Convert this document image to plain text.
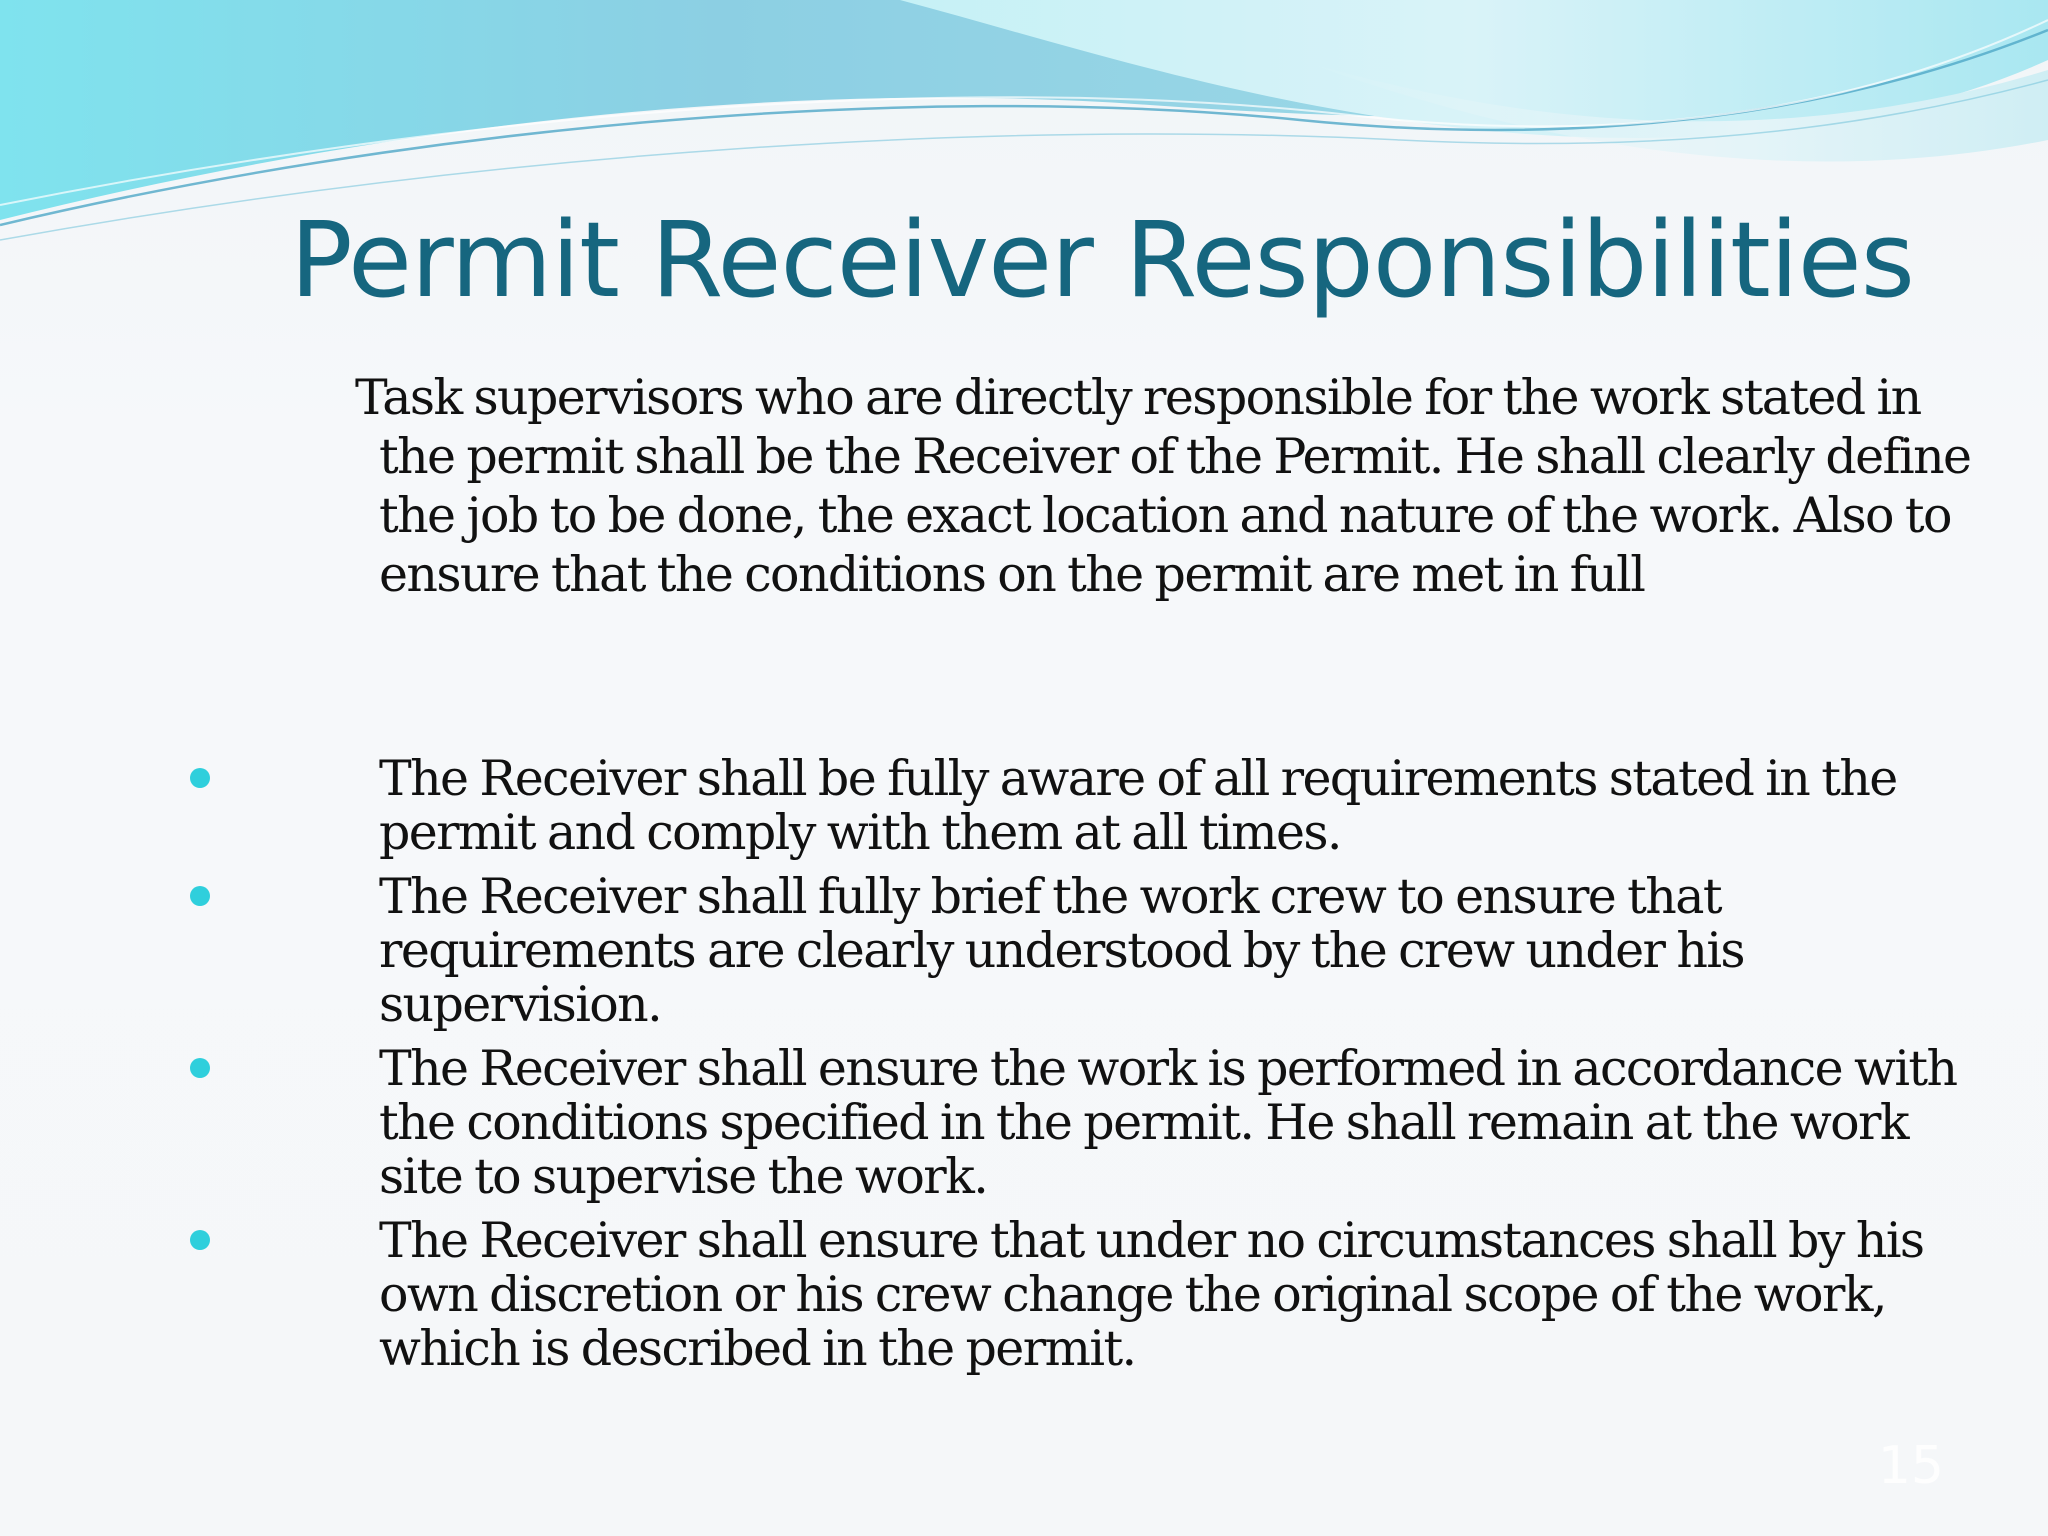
Permit Receiver Responsibilities

Task supervisors who are directly responsible for the work stated in the permit shall be the Receiver of the Permit. He shall clearly define the job to be done, the exact location and nature of the work. Also to ensure that the conditions on the permit are met in full

The Receiver shall be fully aware of all requirements stated in the permit and comply with them at all times.
The Receiver shall fully brief the work crew to ensure that requirements are clearly understood by the crew under his supervision.
The Receiver shall ensure the work is performed in accordance with the conditions specified in the permit. He shall remain at the work site to supervise the work.
The Receiver shall ensure that under no circumstances shall by his own discretion or his crew change the original scope of the work, which is described in the permit.
15
